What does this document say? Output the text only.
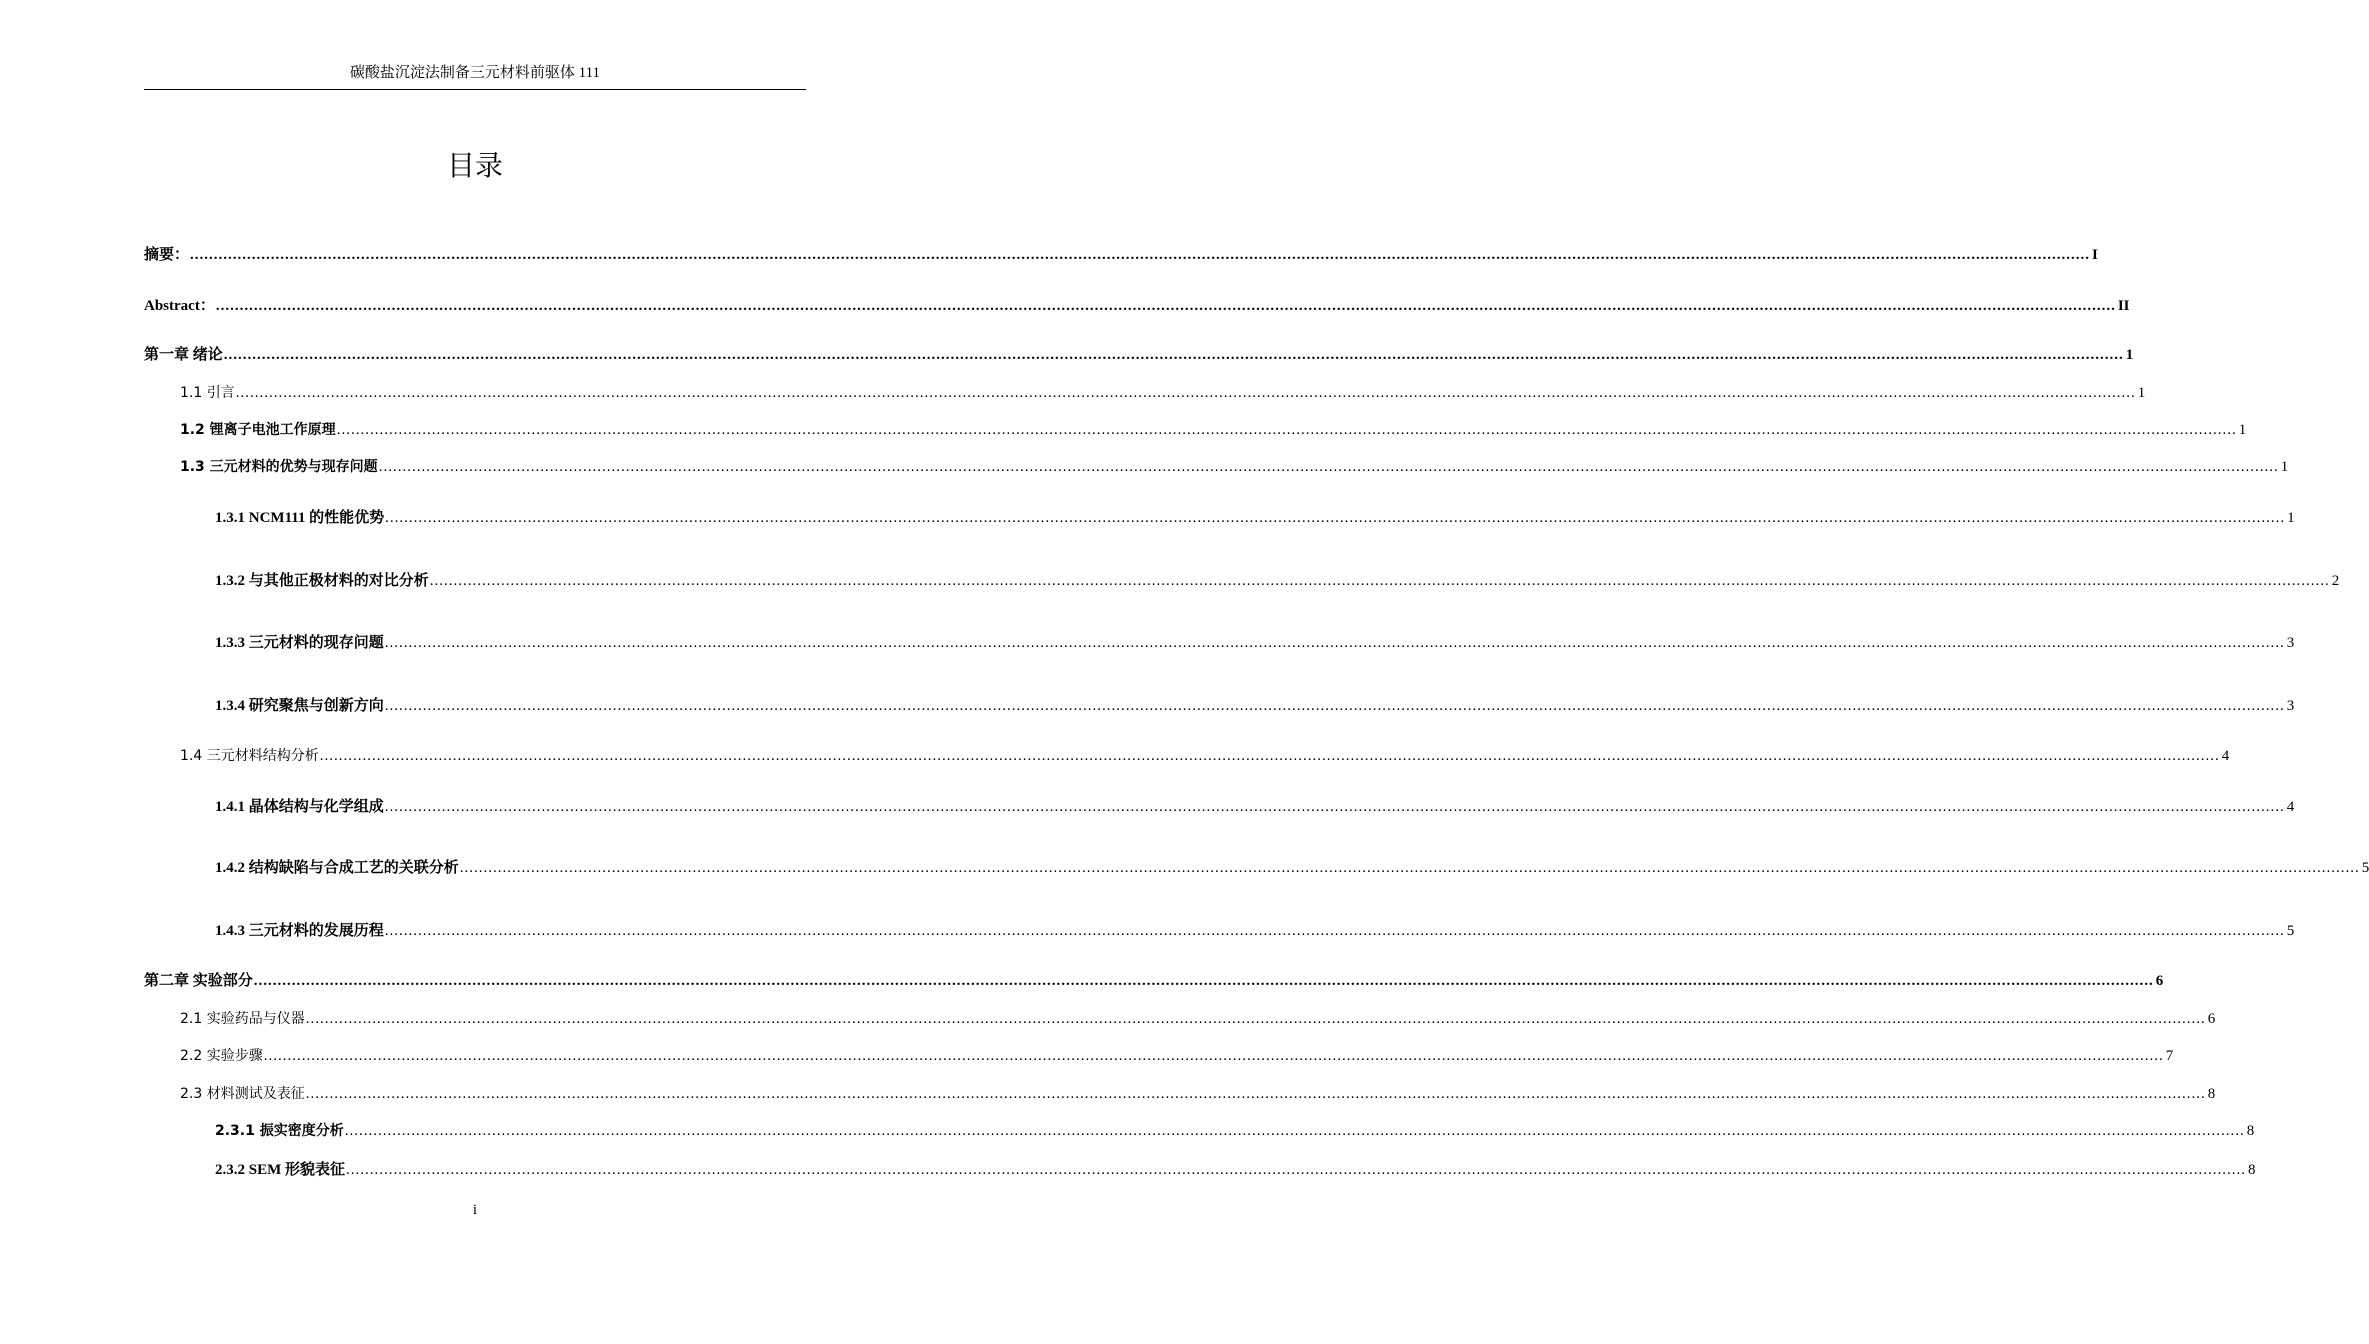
碳酸盐沉淀法制备三元材料前驱体 111
目录
摘要： ................................................................................................................................................................................................................................................................................................................................................................................................................ I
Abstract： ................................................................................................................................................................................................................................................................................................................................................................................................................ II
第一章 绪论 ................................................................................................................................................................................................................................................................................................................................................................................................................ 1
1.1 引言 ................................................................................................................................................................................................................................................................................................................................................................................................................ 1
1.2 锂离子电池工作原理 ................................................................................................................................................................................................................................................................................................................................................................................................................ 1
1.3 三元材料的优势与现存问题 ................................................................................................................................................................................................................................................................................................................................................................................................................ 1
1.3.1 NCM111 的性能优势 ................................................................................................................................................................................................................................................................................................................................................................................................................ 1
1.3.2 与其他正极材料的对比分析 ................................................................................................................................................................................................................................................................................................................................................................................................................ 2
1.3.3 三元材料的现存问题 ................................................................................................................................................................................................................................................................................................................................................................................................................ 3
1.3.4 研究聚焦与创新方向 ................................................................................................................................................................................................................................................................................................................................................................................................................ 3
1.4 三元材料结构分析 ................................................................................................................................................................................................................................................................................................................................................................................................................ 4
1.4.1 晶体结构与化学组成 ................................................................................................................................................................................................................................................................................................................................................................................................................ 4
1.4.2 结构缺陷与合成工艺的关联分析 ................................................................................................................................................................................................................................................................................................................................................................................................................ 5
1.4.3 三元材料的发展历程 ................................................................................................................................................................................................................................................................................................................................................................................................................ 5
第二章 实验部分 ................................................................................................................................................................................................................................................................................................................................................................................................................ 6
2.1 实验药品与仪器 ................................................................................................................................................................................................................................................................................................................................................................................................................ 6
2.2 实验步骤 ................................................................................................................................................................................................................................................................................................................................................................................................................ 7
2.3 材料测试及表征 ................................................................................................................................................................................................................................................................................................................................................................................................................ 8
2.3.1 振实密度分析 ................................................................................................................................................................................................................................................................................................................................................................................................................ 8
2.3.2 SEM 形貌表征 ................................................................................................................................................................................................................................................................................................................................................................................................................ 8
i
